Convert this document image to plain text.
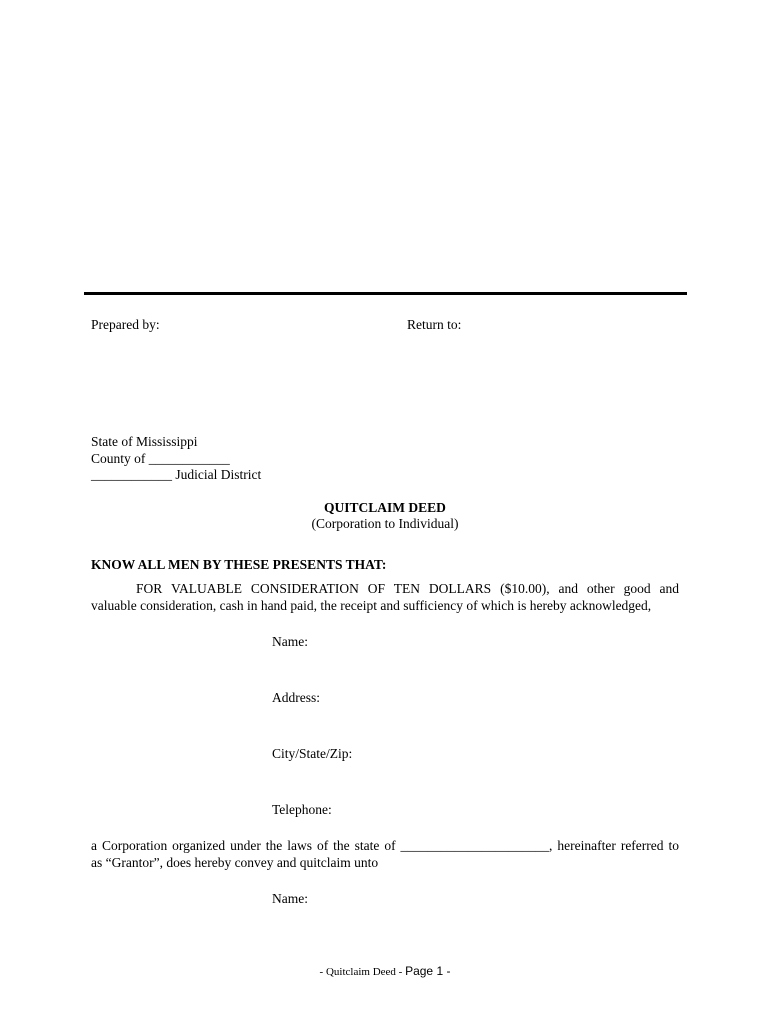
Prepared by:	Return to:
State of Mississippi
County of ____________
____________ Judicial District
QUITCLAIM DEED
(Corporation to Individual)
KNOW ALL MEN BY THESE PRESENTS THAT:
FOR VALUABLE CONSIDERATION OF TEN DOLLARS ($10.00), and other good and
valuable consideration, cash in hand paid, the receipt and sufficiency of which is hereby acknowledged,
Name:
Address:
City/State/Zip:
Telephone:
a Corporation organized under the laws of the state of ______________________, hereinafter referred to
as “Grantor”, does hereby convey and quitclaim unto
Name:
- Quitclaim Deed - Page 1 -
